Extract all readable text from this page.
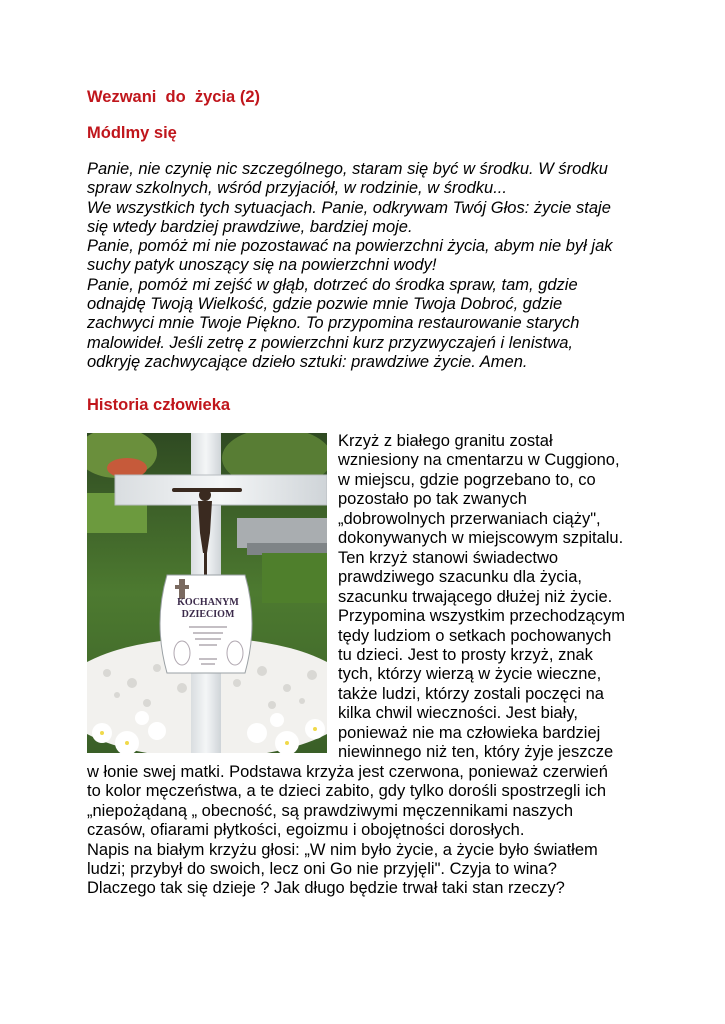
Wezwani  do  życia (2)
Módlmy się
Panie, nie czynię nic szczególnego, staram się być w środku. W środku
spraw szkolnych, wśród przyjaciół, w rodzinie, w środku...
We wszystkich tych sytuacjach. Panie, odkrywam Twój Głos: życie staje
się wtedy bardziej prawdziwe, bardziej moje.
Panie, pomóż mi nie pozostawać na powierzchni życia, abym nie był jak
suchy patyk unoszący się na powierzchni wody!
Panie, pomóż mi zejść w głąb, dotrzeć do środka spraw, tam, gdzie
odnajdę Twoją Wielkość, gdzie pozwie mnie Twoja Dobroć, gdzie
zachwyci mnie Twoje Piękno. To przypomina restaurowanie starych
malowideł. Jeśli zetrę z powierzchni kurz przyzwyczajeń i lenistwa,
odkryję zachwycające dzieło sztuki: prawdziwe życie. Amen.
Historia człowieka
KOCHANYM
DZIECIOM
Krzyż z białego granitu został
wzniesiony na cmentarzu w Cuggiono,
w miejscu, gdzie pogrzebano to, co
pozostało po tak zwanych
„dobrowolnych przerwaniach ciąży",
dokonywanych w miejscowym szpitalu.
Ten krzyż stanowi świadectwo
prawdziwego szacunku dla życia,
szacunku trwającego dłużej niż życie.
Przypomina wszystkim przechodzącym
tędy ludziom o setkach pochowanych
tu dzieci. Jest to prosty krzyż, znak
tych, którzy wierzą w życie wieczne,
także ludzi, którzy zostali poczęci na
kilka chwil wieczności. Jest biały,
ponieważ nie ma człowieka bardziej
niewinnego niż ten, który żyje jeszcze
w łonie swej matki. Podstawa krzyża jest czerwona, ponieważ czerwień
to kolor męczeństwa, a te dzieci zabito, gdy tylko dorośli spostrzegli ich
„niepożądaną „ obecność, są prawdziwymi męczennikami naszych
czasów, ofiarami płytkości, egoizmu i obojętności dorosłych.
Napis na białym krzyżu głosi: „W nim było życie, a życie było światłem
ludzi; przybył do swoich, lecz oni Go nie przyjęli". Czyja to wina?
Dlaczego tak się dzieje ? Jak długo będzie trwał taki stan rzeczy?
